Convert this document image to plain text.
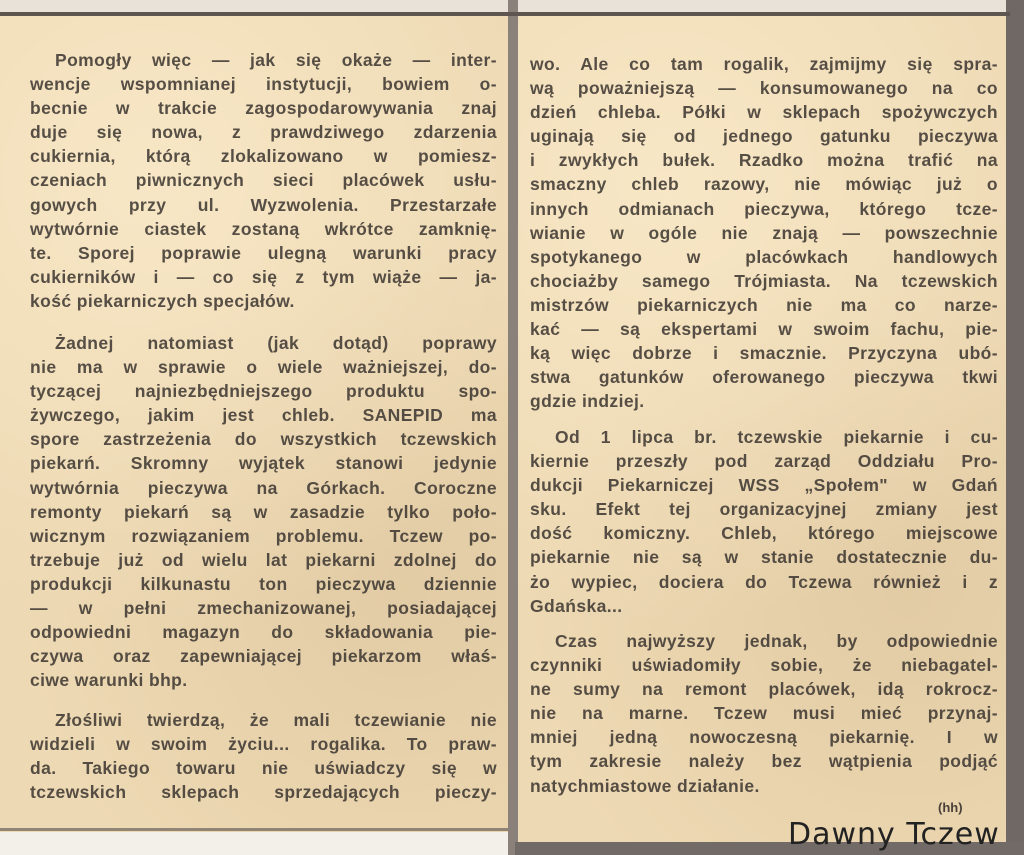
Pomogły więc — jak się okaże — inter-
wencje wspomnianej instytucji, bowiem o-
becnie w trakcie zagospodarowywania znaj
duje się nowa, z prawdziwego zdarzenia
cukiernia, którą zlokalizowano w pomiesz-
czeniach piwnicznych sieci placówek usłu-
gowych przy ul. Wyzwolenia. Przestarzałe
wytwórnie ciastek zostaną wkrótce zamknię-
te. Sporej poprawie ulegną warunki pracy
cukierników i — co się z tym wiąże — ja-
kość piekarniczych specjałów.
Żadnej natomiast (jak dotąd) poprawy
nie ma w sprawie o wiele ważniejszej, do-
tyczącej najniezbędniejszego produktu spo-
żywczego, jakim jest chleb. SANEPID ma
spore zastrzeżenia do wszystkich tczewskich
piekarń. Skromny wyjątek stanowi jedynie
wytwórnia pieczywa na Górkach. Coroczne
remonty piekarń są w zasadzie tylko poło-
wicznym rozwiązaniem problemu. Tczew po-
trzebuje już od wielu lat piekarni zdolnej do
produkcji kilkunastu ton pieczywa dziennie
— w pełni zmechanizowanej, posiadającej
odpowiedni magazyn do składowania pie-
czywa oraz zapewniającej piekarzom właś-
ciwe warunki bhp.
Złośliwi twierdzą, że mali tczewianie nie
widzieli w swoim życiu... rogalika. To praw-
da. Takiego towaru nie uświadczy się w
tczewskich sklepach sprzedających pieczy-
wo. Ale co tam rogalik, zajmijmy się spra-
wą poważniejszą — konsumowanego na co
dzień chleba. Półki w sklepach spożywczych
uginają się od jednego gatunku pieczywa
i zwykłych bułek. Rzadko można trafić na
smaczny chleb razowy, nie mówiąc już o
innych odmianach pieczywa, którego tcze-
wianie w ogóle nie znają — powszechnie
spotykanego w placówkach handlowych
chociażby samego Trójmiasta. Na tczewskich
mistrzów piekarniczych nie ma co narze-
kać — są ekspertami w swoim fachu, pie-
ką więc dobrze i smacznie. Przyczyna ubó-
stwa gatunków oferowanego pieczywa tkwi
gdzie indziej.
Od 1 lipca br. tczewskie piekarnie i cu-
kiernie przeszły pod zarząd Oddziału Pro-
dukcji Piekarniczej WSS „Społem" w Gdań
sku. Efekt tej organizacyjnej zmiany jest
dość komiczny. Chleb, którego miejscowe
piekarnie nie są w stanie dostatecznie du-
żo wypiec, dociera do Tczewa również i z
Gdańska...
Czas najwyższy jednak, by odpowiednie
czynniki uświadomiły sobie, że niebagatel-
ne sumy na remont placówek, idą rokrocz-
nie na marne. Tczew musi mieć przynaj-
mniej jedną nowoczesną piekarnię. I w
tym zakresie należy bez wątpienia podjąć
natychmiastowe działanie.
(hh)
Dawny Tczew
